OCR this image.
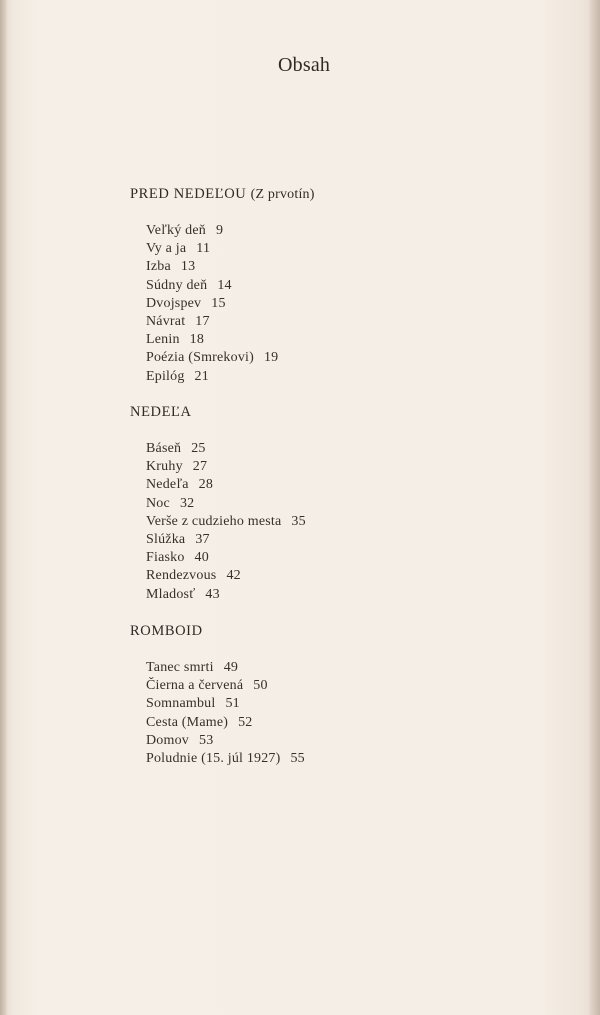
Obsah
PRED NEDEĽOU (Z prvotín)
Veľký deň 9
Vy a ja 11
Izba 13
Súdny deň 14
Dvojspev 15
Návrat 17
Lenin 18
Poézia (Smrekovi) 19
Epilóg 21
NEDEĽA
Báseň 25
Kruhy 27
Nedeľa 28
Noc 32
Verše z cudzieho mesta 35
Slúžka 37
Fiasko 40
Rendezvous 42
Mladosť 43
ROMBOID
Tanec smrti 49
Čierna a červená 50
Somnambul 51
Cesta (Mame) 52
Domov 53
Poludnie (15. júl 1927) 55
